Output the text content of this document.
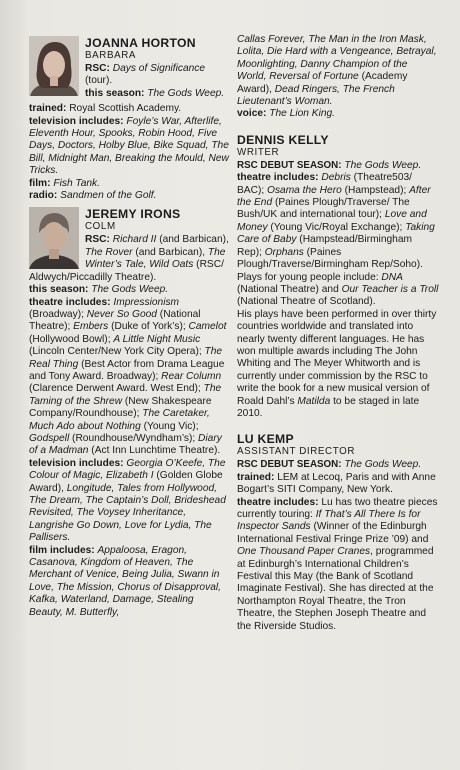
JOANNA HORTON
BARBARA

RSC: Days of Significance (tour).

this season: The Gods Weep.

trained: Royal Scottish Academy.

television includes: Foyle’s War, Afterlife, Eleventh Hour, Spooks, Robin Hood, Five Days, Doctors, Holby Blue, Bike Squad, The Bill, Midnight Man, Breaking the Mould, New Tricks.

film: Fish Tank.

radio: Sandmen of the Golf.

JEREMY IRONS
COLM

RSC: Richard II (and Barbican), The Rover (and Barbican), The Winter’s Tale, Wild Oats (RSC/ Aldwych/Piccadilly Theatre).

this season: The Gods Weep.

theatre includes: Impressionism (Broadway); Never So Good (National Theatre); Embers (Duke of York’s); Camelot (Hollywood Bowl); A Little Night Music (Lincoln Center/New York City Opera); The Real Thing (Best Actor from Drama League and Tony Award. Broadway); Rear Column (Clarence Derwent Award. West End); The Taming of the Shrew (New Shakespeare Company/Roundhouse); The Caretaker, Much Ado about Nothing (Young Vic); Godspell (Roundhouse/Wyndham’s); Diary of a Madman (Act Inn Lunchtime Theatre).

television includes: Georgia O’Keefe, The Colour of Magic, Elizabeth I (Golden Globe Award), Longitude, Tales from Hollywood, The Dream, The Captain’s Doll, Brideshead Revisited, The Voysey Inheritance, Langrishe Go Down, Love for Lydia, The Pallisers.

film includes: Appaloosa, Eragon, Casanova, Kingdom of Heaven, The Merchant of Venice, Being Julia, Swann in Love, The Mission, Chorus of Disapproval, Kafka, Waterland, Damage, Stealing Beauty, M. Butterfly,

Callas Forever, The Man in the Iron Mask, Lolita, Die Hard with a Vengeance, Betrayal, Moonlighting, Danny Champion of the World, Reversal of Fortune (Academy Award), Dead Ringers, The French Lieutenant’s Woman.

voice: The Lion King.

DENNIS KELLY
WRITER

RSC DEBUT SEASON: The Gods Weep.

theatre includes: Debris (Theatre503/ BAC); Osama the Hero (Hampstead); After the End (Paines Plough/Traverse/ The Bush/UK and international tour); Love and Money (Young Vic/Royal Exchange); Taking Care of Baby (Hampstead/Birmingham Rep); Orphans (Paines Plough/Traverse/Birmingham Rep/Soho). Plays for young people include: DNA (National Theatre) and Our Teacher is a Troll (National Theatre of Scotland).

His plays have been performed in over thirty countries worldwide and translated into nearly twenty different languages. He has won multiple awards including The John Whiting and The Meyer Whitworth and is currently under commission by the RSC to write the book for a new musical version of Roald Dahl’s Matilda to be staged in late 2010.

LU KEMP
ASSISTANT DIRECTOR

RSC DEBUT SEASON: The Gods Weep.

trained: LEM at Lecoq, Paris and with Anne Bogart’s SITI Company, New York.

theatre includes: Lu has two theatre pieces currently touring: If That’s All There Is for Inspector Sands (Winner of the Edinburgh International Festival Fringe Prize ’09) and One Thousand Paper Cranes, programmed at Edinburgh’s International Children’s Festival this May (the Bank of Scotland Imaginate Festival). She has directed at the Northampton Royal Theatre, the Tron Theatre, the Stephen Joseph Theatre and the Riverside Studios.
